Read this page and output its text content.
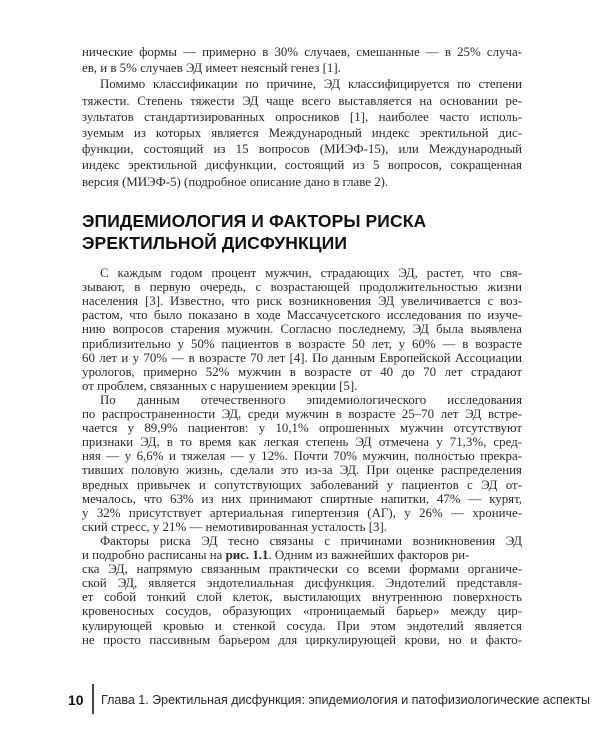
нические формы — примерно в 30% случаев, смешанные — в 25% случа-

ев, и в 5% случаев ЭД имеет неясный генез [1].

Помимо классификации по причине, ЭД классифицируется по степени

тяжести. Степень тяжести ЭД чаще всего выставляется на основании ре-

зультатов стандартизированных опросников [1], наиболее часто исполь-

зуемым из которых является Международный индекс эректильной дис-

функции, состоящий из 15 вопросов (МИЭФ-15), или Международный

индекс эректильной дисфункции, состоящий из 5 вопросов, сокращенная

версия (МИЭФ-5) (подробное описание дано в главе 2).

ЭПИДЕМИОЛОГИЯ И ФАКТОРЫ РИСКА
ЭРЕКТИЛЬНОЙ ДИСФУНКЦИИ

С каждым годом процент мужчин, страдающих ЭД, растет, что свя-

зывают, в первую очередь, с возрастающей продолжительностью жизни

населения [3]. Известно, что риск возникновения ЭД увеличивается с воз-

растом, что было показано в ходе Массачусетского исследования по изуче-

нию вопросов старения мужчин. Согласно последнему, ЭД была выявлена

приблизительно у 50% пациентов в возрасте 50 лет, у 60% — в возрасте

60 лет и у 70% — в возрасте 70 лет [4]. По данным Европейской Ассоциации

урологов, примерно 52% мужчин в возрасте от 40 до 70 лет страдают

от проблем, связанных с нарушением эрекции [5].

По данным отечественного эпидемиологического исследования

по распространенности ЭД, среди мужчин в возрасте 25–70 лет ЭД встре-

чается у 89,9% пациентов: у 10,1% опрошенных мужчин отсутствуют

признаки ЭД, в то время как легкая степень ЭД отмечена у 71,3%, сред-

няя — у 6,6% и тяжелая — у 12%. Почти 70% мужчин, полностью прекра-

тивших половую жизнь, сделали это из-за ЭД. При оценке распределения

вредных привычек и сопутствующих заболеваний у пациентов с ЭД от-

мечалось, что 63% из них принимают спиртные напитки, 47% — курят,

у 32% присутствует артериальная гипертензия (АГ), у 26% — хрониче-

ский стресс, у 21% — немотивированная усталость [3].

Факторы риска ЭД тесно связаны с причинами возникновения ЭД

и подробно расписаны на рис. 1.1. Одним из важнейших факторов ри-

ска ЭД, напрямую связанным практически со всеми формами органиче-

ской ЭД, является эндотелиальная дисфункция. Эндотелий представля-

ет собой тонкий слой клеток, выстилающих внутреннюю поверхность

кровеносных сосудов, образующих «проницаемый барьер» между цир-

кулирующей кровью и стенкой сосуда. При этом эндотелий является

не просто пассивным барьером для циркулирующей крови, но и факто-

10 Глава 1. Эректильная дисфункция: эпидемиология и патофизиологические аспекты
